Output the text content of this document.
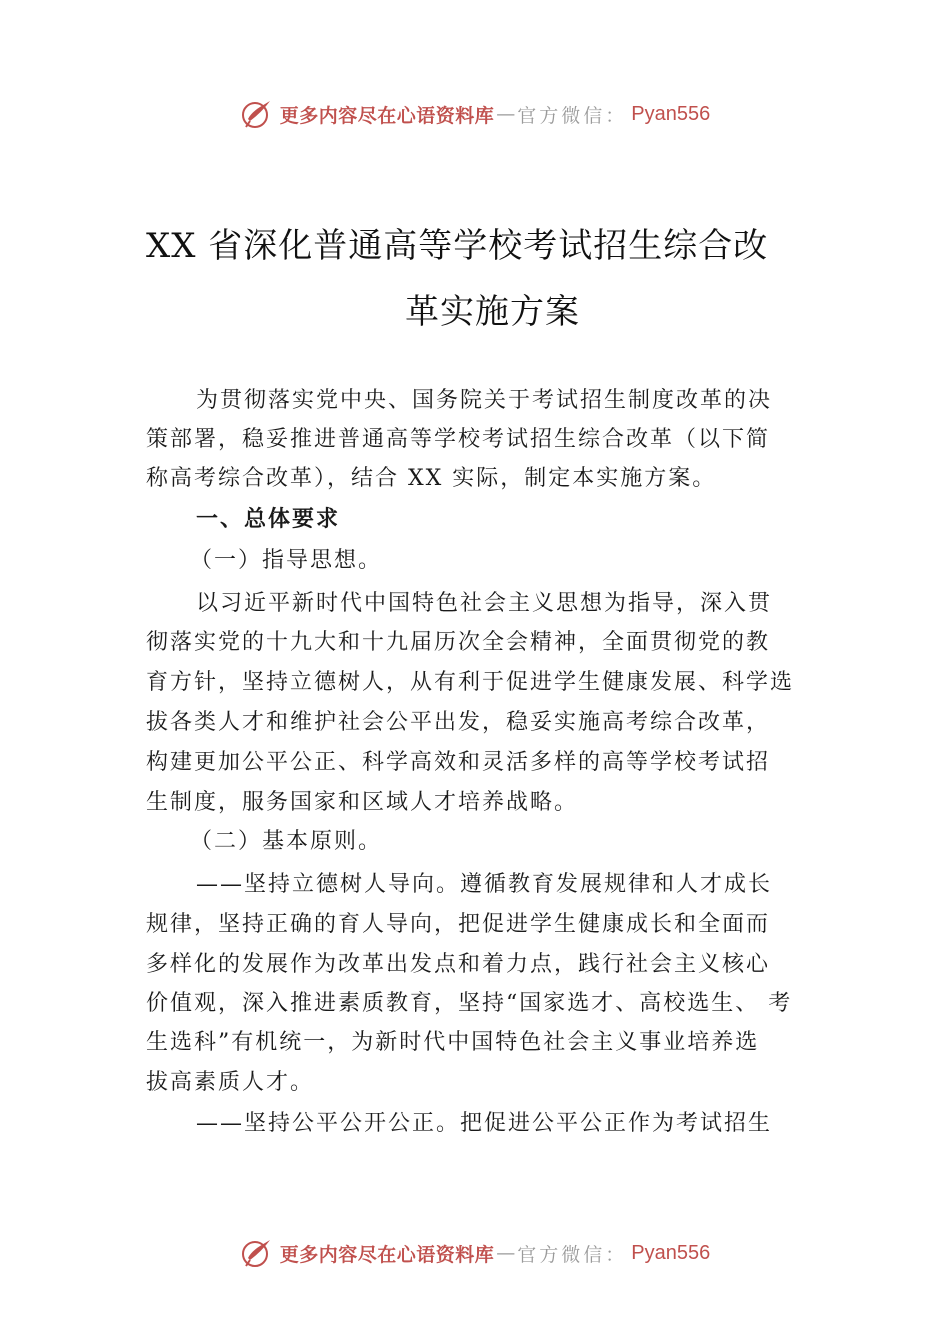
更多内容尽在心语资料库 — 官方微信： Pyan556
XX 省深化普通高等学校考试招生综合改
革实施方案
为贯彻落实党中央、国务院关于考试招生制度改革的决
策部署，稳妥推进普通高等学校考试招生综合改革（以下简
称高考综合改革），结合 XX 实际，制定本实施方案。
一、总体要求
（一）指导思想。
以习近平新时代中国特色社会主义思想为指导，深入贯
彻落实党的十九大和十九届历次全会精神，全面贯彻党的教
育方针，坚持立德树人，从有利于促进学生健康发展、科学选
拔各类人才和维护社会公平出发，稳妥实施高考综合改革，
构建更加公平公正、科学高效和灵活多样的高等学校考试招
生制度，服务国家和区域人才培养战略。
（二）基本原则。
——坚持立德树人导向。遵循教育发展规律和人才成长
规律，坚持正确的育人导向，把促进学生健康成长和全面而
多样化的发展作为改革出发点和着力点，践行社会主义核心
价值观，深入推进素质教育，坚持“国家选才、高校选生、 考
生选科”有机统一，为新时代中国特色社会主义事业培养选
拔高素质人才。
——坚持公平公开公正。把促进公平公正作为考试招生
更多内容尽在心语资料库 — 官方微信： Pyan556
